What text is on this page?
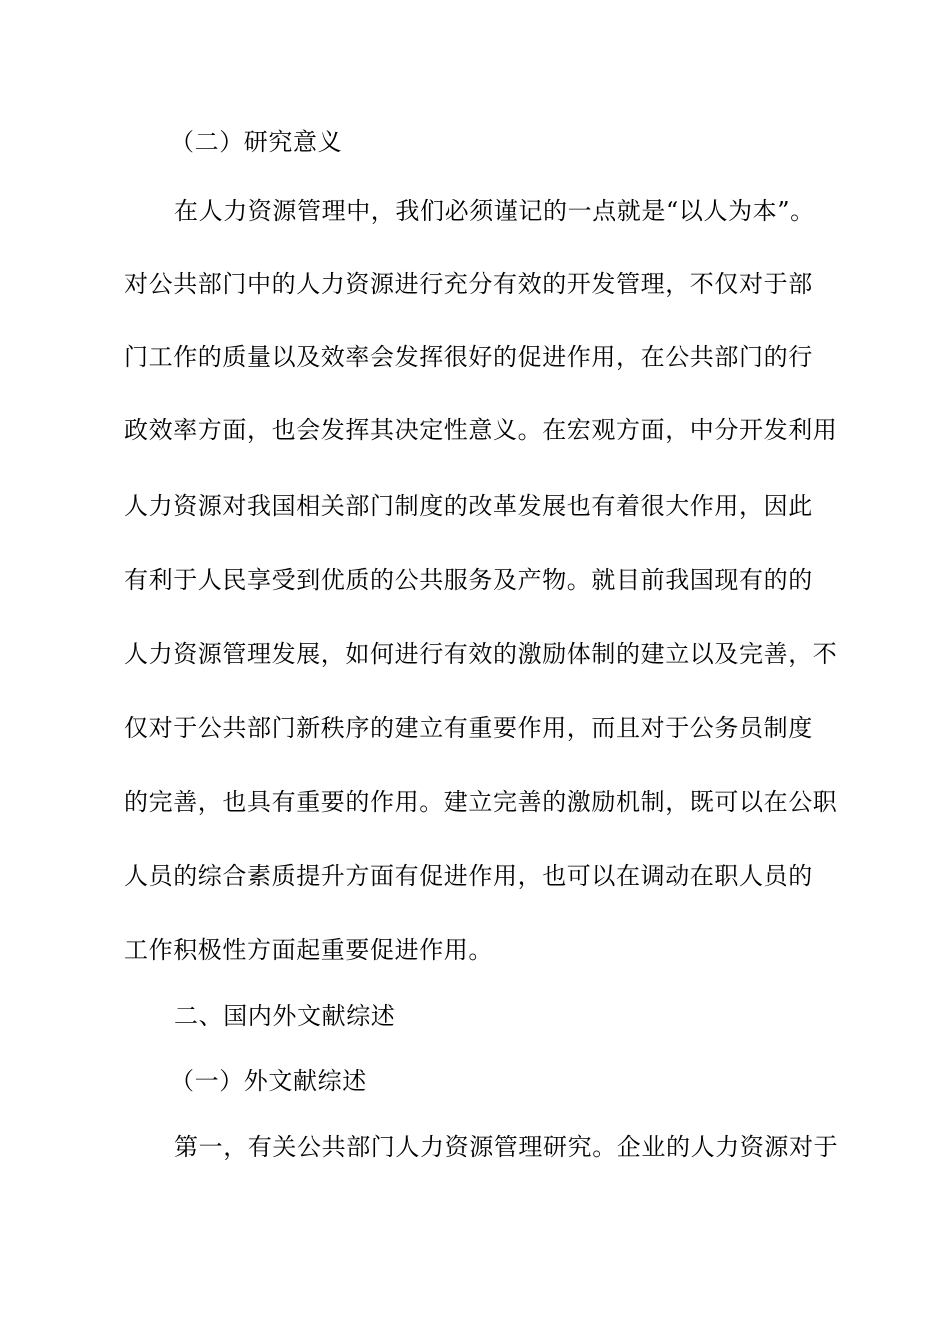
（二）研究意义
在人力资源管理中，我们必须谨记的一点就是“以人为本”。
对公共部门中的人力资源进行充分有效的开发管理，不仅对于部
门工作的质量以及效率会发挥很好的促进作用，在公共部门的行
政效率方面，也会发挥其决定性意义。在宏观方面，中分开发利用
人力资源对我国相关部门制度的改革发展也有着很大作用，因此
有利于人民享受到优质的公共服务及产物。就目前我国现有的的
人力资源管理发展，如何进行有效的激励体制的建立以及完善，不
仅对于公共部门新秩序的建立有重要作用，而且对于公务员制度
的完善，也具有重要的作用。建立完善的激励机制，既可以在公职
人员的综合素质提升方面有促进作用，也可以在调动在职人员的
工作积极性方面起重要促进作用。
二、国内外文献综述
（一）外文献综述
第一，有关公共部门人力资源管理研究。企业的人力资源对于
